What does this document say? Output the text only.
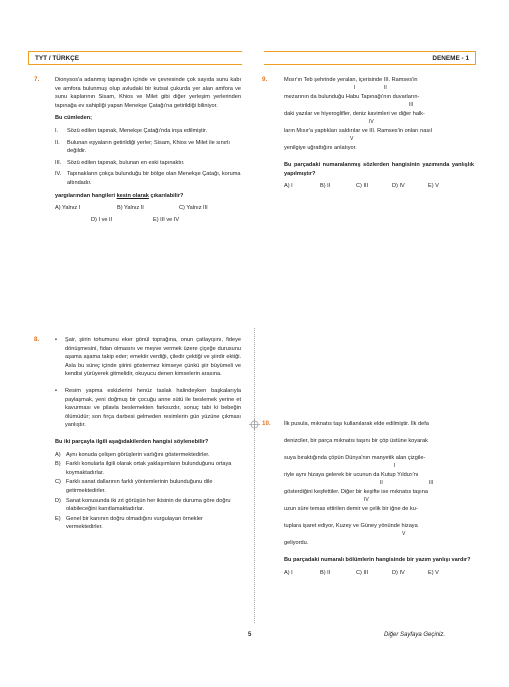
TYT / TÜRKÇE	DENEME - 1
7.	Dionysos'a adanmış tapınağın içinde ve çevresinde çok sayıda sunu kabı ve amfora bulunmuş olup avludaki bir kutsal çukurda yer alan amfora ve sunu kaplarının Sisam, Khios ve Milet gibi diğer yerleşim yerlerinden tapınağa ev sahipliği yapan Menekşe Çatağı'na getirildiği biliniyor.

Bu cümleden;

I.	Sözü edilen tapınak, Menekşe Çatağı'nda inşa edilmiştir.
II.	Bulunan eşyaların getirildiği yerler; Sisam, Khios ve Milet ile sınırlı değildir.
III.	Sözü edilen tapınak, bulunan en eski tapınaktır.
IV.	Tapınakların çokça bulunduğu bir bölge olan Menekşe Çatağı, koruma altındadır.

yargılarından hangileri kesin olarak çıkarılabilir?

A) Yalnız I	B) Yalnız II	C) Yalnız III
D) I ve II	E) III ve IV
8.	•	Şair, şiirin tohumunu eker gönül toprağına, onun çatlayışını, fideye dönüşmesini, fidan olmasını ve meyve vermek üzere çiçeğe durusunu aşama aşama takip eder; emektir verdiği, çiledir çektiği ve şiirdir ektiği. Asla bu süreç içinde şiirini göstermez kimseye çünkü şiir büyümeli ve kendisi yürüyerek gitmelidir, okuyucu denen kimselerin arasına.
•	Resim yapma eskizlerini henüz taslak halindeyken başkalarıyla paylaşmak, yeni doğmuş bir çocuğu anne sütü ile beslemek yerine et kavurması ve pilavla beslemekten farksızdır, sonuç tabi ki bebeğin ölümüdür; son fırça darbesi gelmeden resimlerin gün yüzüne çıkması yanlıştır.

Bu iki parçayla ilgili aşağıdakilerden hangisi söylenebilir?

A) Aynı konuda çelişen görüşlerin varlığını göstermektedirler.
B) Farklı konularla ilgili olarak ortak yaklaşımların bulunduğunu ortaya koymaktadırlar.
C) Farklı sanat dallarının farklı yöntemlerinin bulunduğunu dile getirmektedirler.
D) Sanat konusunda iki zıt görüşün her ikisinin de duruma göre doğru olabileceğini kanıtlamaktadırlar.
E) Genel bir kanının doğru olmadığını vurgulayan örnekler vermektedirler.
9.	Mısır'ın Teb şehrinde yeralan, içerisinde III. Ramses'in
I	II
mezarının da bulunduğu Habu Tapınağı'nın duvarların-
III
daki yazılar ve hiyeroglifler, deniz kavimleri ve diğer halk-
IV
ların Mısır'a yaptıkları saldırılar ve III. Ramses'in onları nasıl
V
yenilgiye uğrattığını anlatıyor.

Bu parçadaki numaralanmış sözlerden hangisinin yazımında yanlışlık yapılmıştır?

A) I	B) II	C) III	D) IV	E) V
10. İlk pusula, mıknatıs taşı kullanılarak elde edilmiştir. İlk defa
denizciler, bir parça mıknatıs taşını bir çöp üstüne koyarak
suya bıraktığında çöpün Dünya'nın manyetik alan çizgile-
I
riyle aynı hizaya gelerek bir ucunun da Kutup Yıldızı'nı
II	III
gösterdiğini keşfettiler. Diğer bir keşifte ise mıknatıs taşına
IV
uzun süre temas ettirilen demir ve çelik bir iğne de ku-
tuplara işaret ediyor, Kuzey ve Güney yönünde hizaya
V
geliyordu.

Bu parçadaki numaralı bölümlerin hangisinde bir yazım yanlışı vardır?

A) I	B) II	C) III	D) IV	E) V
5	Diğer Sayfaya Geçiniz.
